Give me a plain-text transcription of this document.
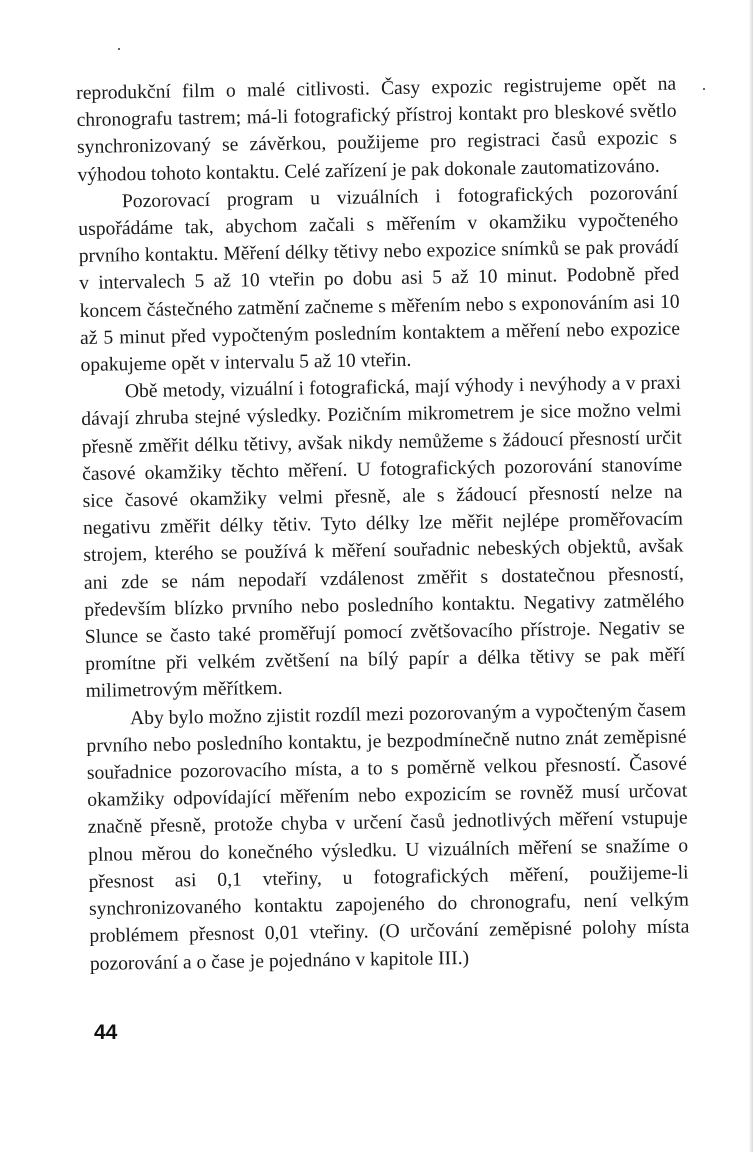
reprodukční film o malé citlivosti. Časy expozic registrujeme opět na chronografu tastrem; má-li fotografický přístroj kontakt pro bleskové světlo synchronizovaný se závěrkou, použijeme pro registraci časů expozic s výhodou tohoto kontaktu. Celé zařízení je pak dokonale zautomatizováno.

Pozorovací program u vizuálních i fotografických pozorování uspořádáme tak, abychom začali s měřením v okamžiku vypočteného prvního kontaktu. Měření délky tětivy nebo expozice snímků se pak provádí v intervalech 5 až 10 vteřin po dobu asi 5 až 10 minut. Podobně před koncem částečného zatmění začneme s měřením nebo s exponováním asi 10 až 5 minut před vypočteným posledním kontaktem a měření nebo expozice opakujeme opět v intervalu 5 až 10 vteřin.

Obě metody, vizuální i fotografická, mají výhody i nevýhody a v praxi dávají zhruba stejné výsledky. Pozičním mikrometrem je sice možno velmi přesně změřit délku tětivy, avšak nikdy nemůžeme s žádoucí přesností určit časové okamžiky těchto měření. U fotografických pozorování stanovíme sice časové okamžiky velmi přesně, ale s žádoucí přesností nelze na negativu změřit délky tětiv. Tyto délky lze měřit nejlépe proměřovacím strojem, kterého se používá k měření souřadnic nebeských objektů, avšak ani zde se nám nepodaří vzdálenost změřit s dostatečnou přesností, především blízko prvního nebo posledního kontaktu. Negativy zatmělého Slunce se často také proměřují pomocí zvětšovacího přístroje. Negativ se promítne při velkém zvětšení na bílý papír a délka tětivy se pak měří milimetrovým měřítkem.

Aby bylo možno zjistit rozdíl mezi pozorovaným a vypočteným časem prvního nebo posledního kontaktu, je bezpodmínečně nutno znát zeměpisné souřadnice pozorovacího místa, a to s poměrně velkou přesností. Časové okamžiky odpovídající měřením nebo expozicím se rovněž musí určovat značně přesně, protože chyba v určení časů jednotlivých měření vstupuje plnou měrou do konečného výsledku. U vizuálních měření se snažíme o přesnost asi 0,1 vteřiny, u fotografických měření, použijeme-li synchronizovaného kontaktu zapojeného do chronografu, není velkým problémem přesnost 0,01 vteřiny. (O určování zeměpisné polohy místa pozorování a o čase je pojednáno v kapitole III.)

44
